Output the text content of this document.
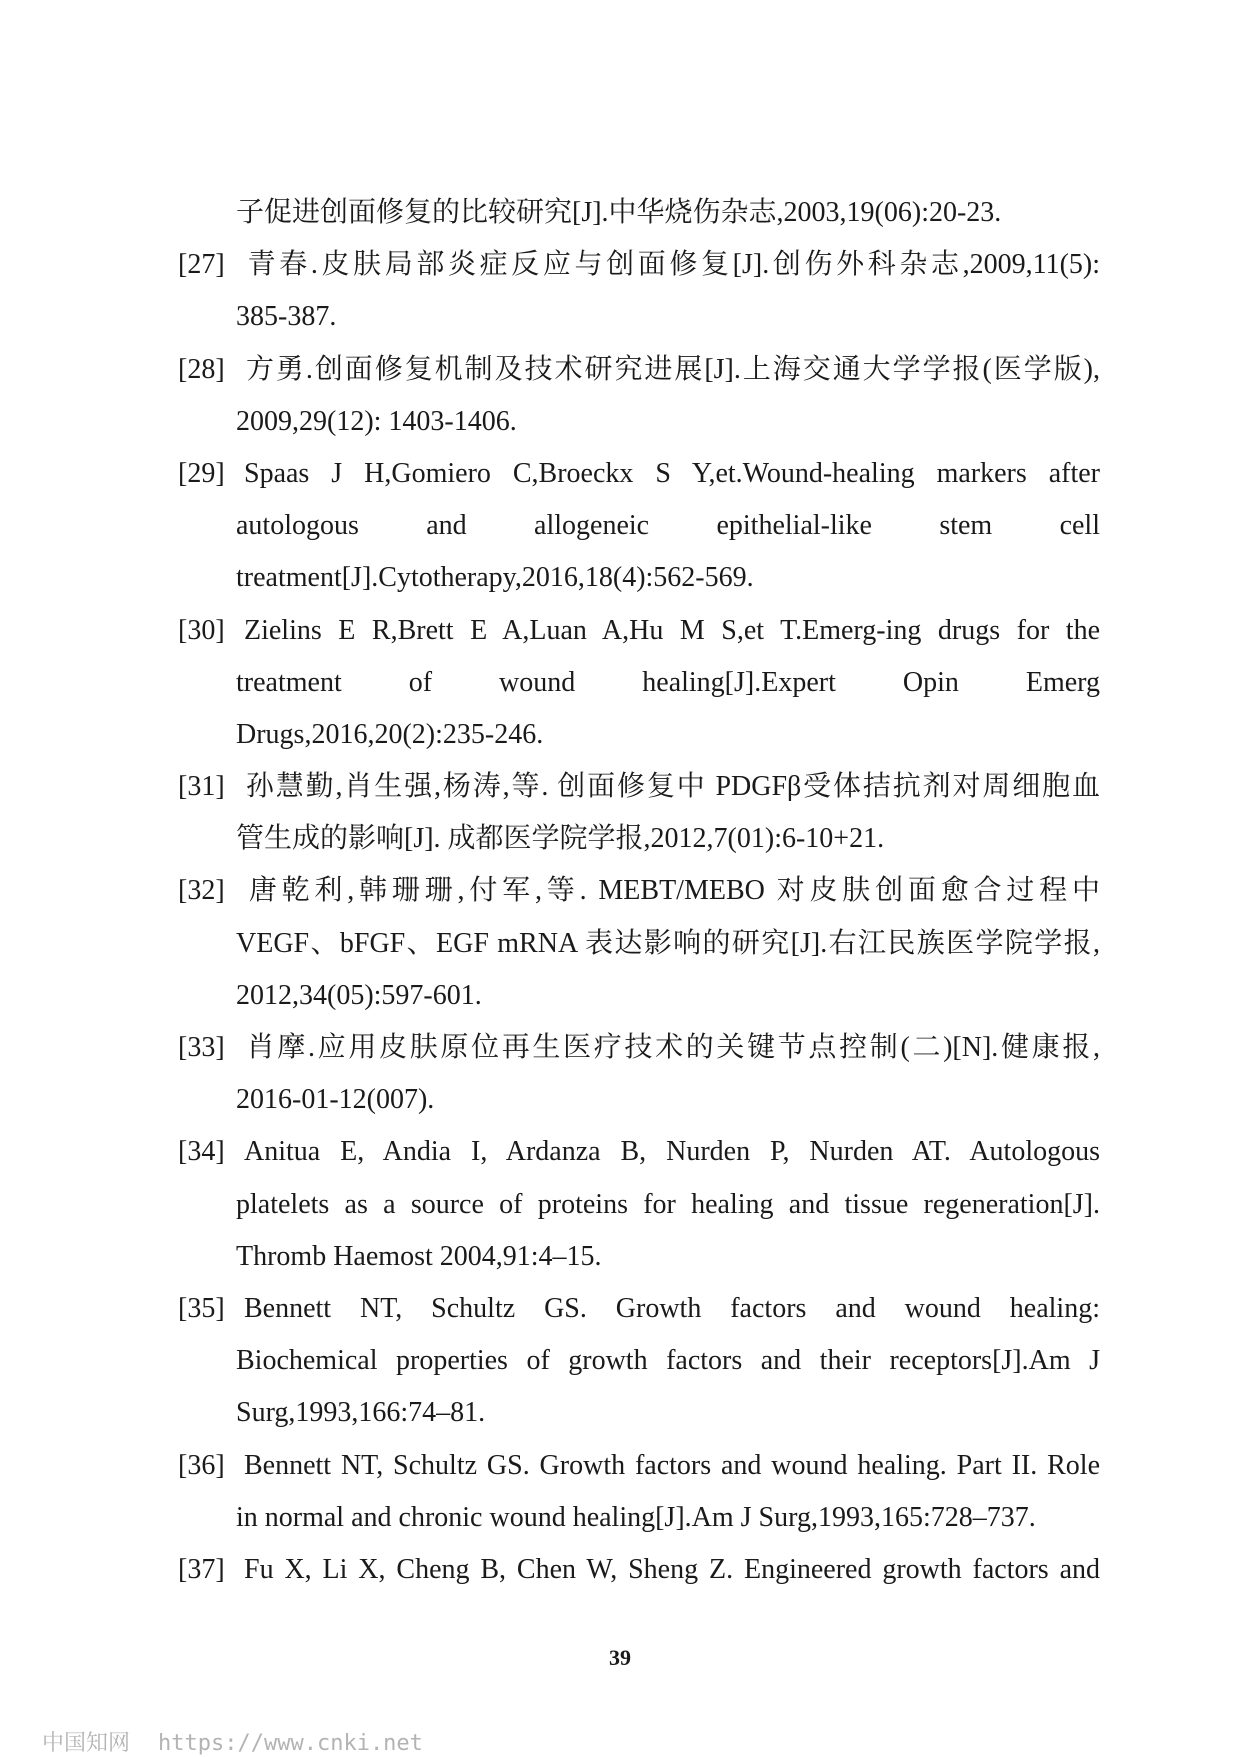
子促进创面修复的比较研究[J].中华烧伤杂志,2003,19(06):20-23.
[27] 青春.皮肤局部炎症反应与创面修复[J].创伤外科杂志,2009,11(5):
385-387.
[28] 方勇.创面修复机制及技术研究进展[J].上海交通大学学报(医学版),
2009,29(12): 1403-1406.
[29] Spaas J H,Gomiero C,Broeckx S Y,et.Wound-healing markers after
autologous and allogeneic epithelial-like stem cell
treatment[J].Cytotherapy,2016,18(4):562-569.
[30] Zielins E R,Brett E A,Luan A,Hu M S,et T.Emerg-ing drugs for the
treatment of wound healing[J].Expert Opin Emerg
Drugs,2016,20(2):235-246.
[31] 孙慧勤,肖生强,杨涛,等. 创面修复中 PDGFβ受体拮抗剂对周细胞血
管生成的影响[J]. 成都医学院学报,2012,7(01):6-10+21.
[32] 唐乾利,韩珊珊,付军,等. MEBT/MEBO 对皮肤创面愈合过程中
VEGF、bFGF、EGF mRNA 表达影响的研究[J].右江民族医学院学报,
2012,34(05):597-601.
[33] 肖摩.应用皮肤原位再生医疗技术的关键节点控制(二)[N].健康报,
2016-01-12(007).
[34] Anitua E, Andia I, Ardanza B, Nurden P, Nurden AT. Autologous
platelets as a source of proteins for healing and tissue regeneration[J].
Thromb Haemost 2004,91:4–15.
[35] Bennett NT, Schultz GS. Growth factors and wound healing:
Biochemical properties of growth factors and their receptors[J].Am J
Surg,1993,166:74–81.
[36] Bennett NT, Schultz GS. Growth factors and wound healing. Part II. Role
in normal and chronic wound healing[J].Am J Surg,1993,165:728–737.
[37] Fu X, Li X, Cheng B, Chen W, Sheng Z. Engineered growth factors and
39
中国知网 https://www.cnki.net
